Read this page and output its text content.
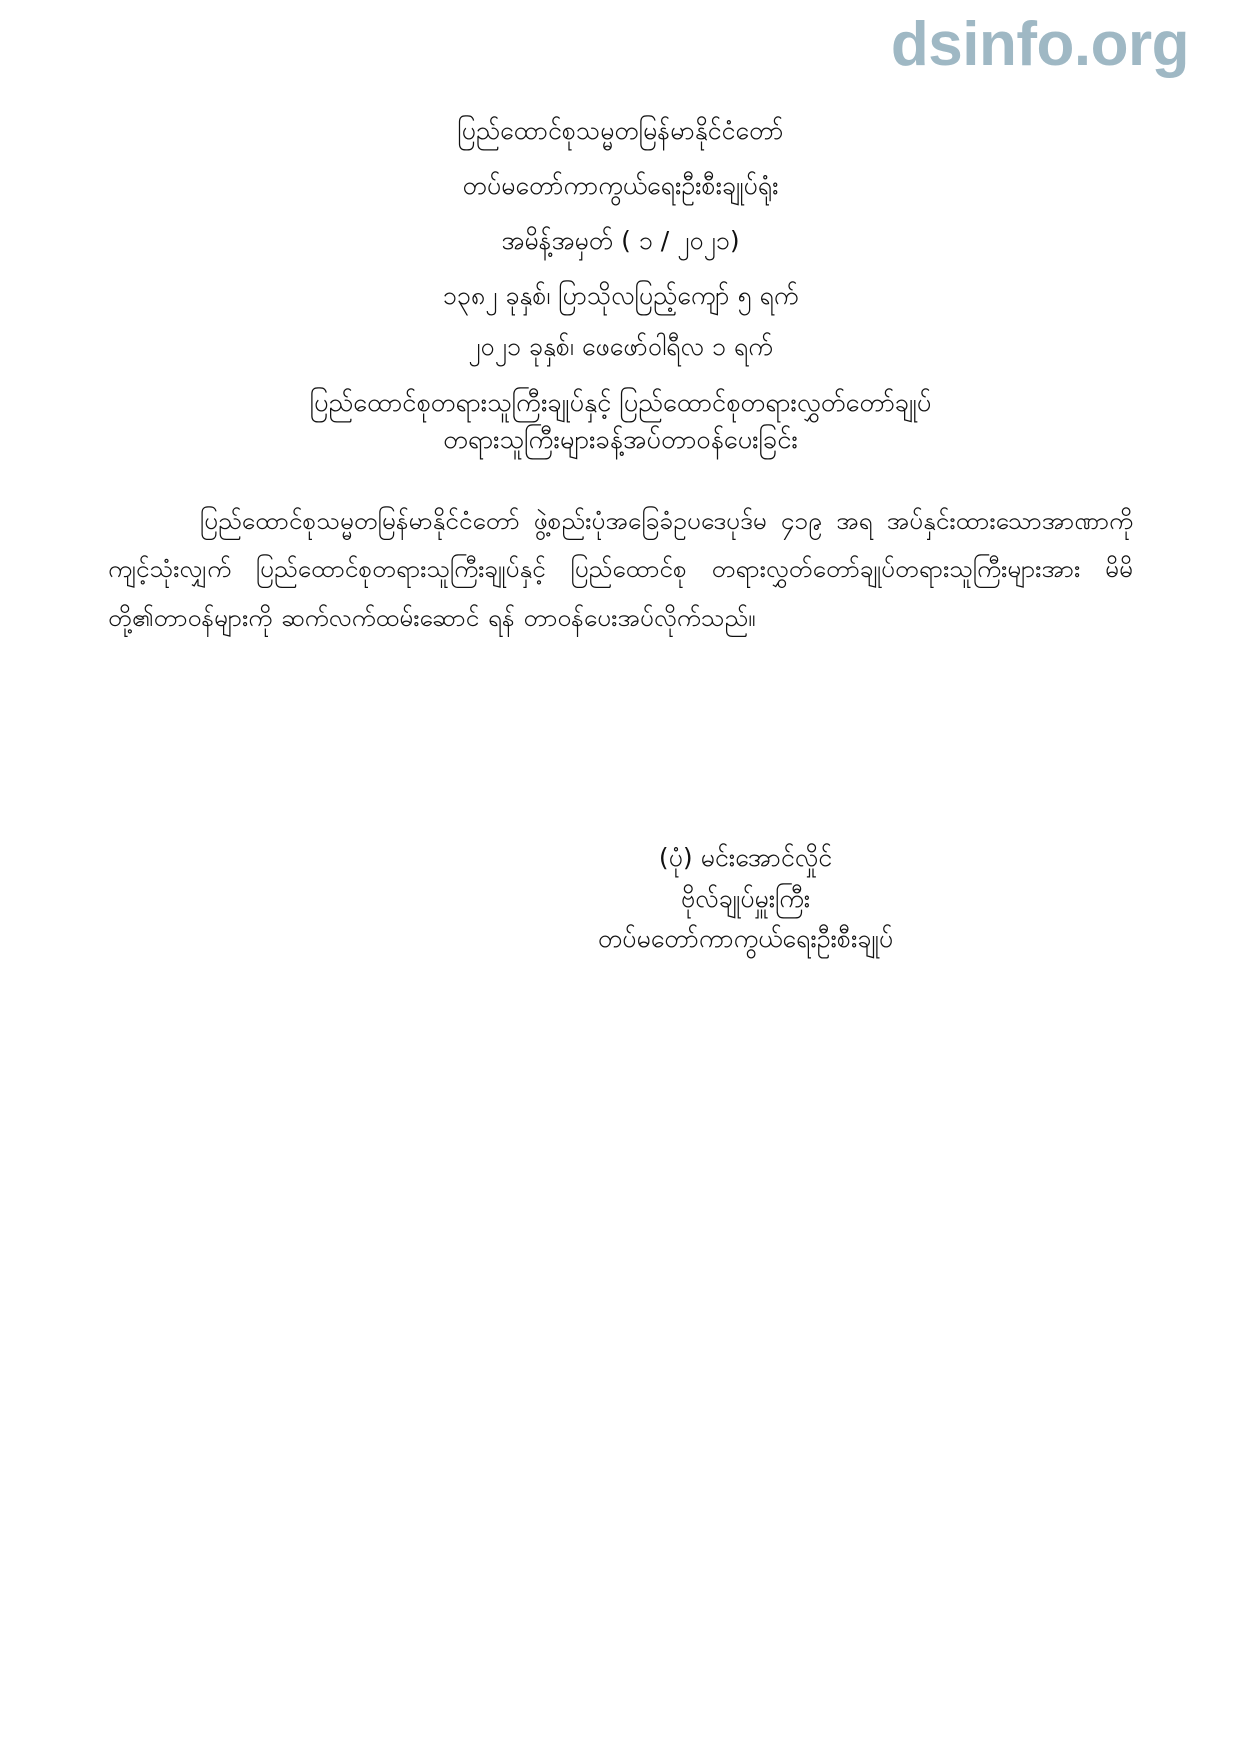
dsinfo.org
ပြည်ထောင်စုသမ္မတမြန်မာနိုင်ငံတော်
တပ်မတော်ကာကွယ်ရေးဦးစီးချုပ်ရုံး
အမိန့်အမှတ် ( ၁ / ၂၀၂၁)
၁၃၈၂ ခုနှစ်၊ ပြာသိုလပြည့်ကျော် ၅ ရက်
၂၀၂၁ ခုနှစ်၊ ဖေဖော်ဝါရီလ ၁ ရက်
ပြည်ထောင်စုတရားသူကြီးချုပ်နှင့် ပြည်ထောင်စုတရားလွှတ်တော်ချုပ်
တရားသူကြီးများခန့်အပ်တာဝန်ပေးခြင်း
ပြည်ထောင်စုသမ္မတမြန်မာနိုင်ငံတော် ဖွဲ့စည်းပုံအခြေခံဥပဒေပုဒ်မ ၄၁၉ အရ အပ်နှင်းထားသောအာဏာကိုကျင့်သုံးလျှက် ပြည်ထောင်စုတရားသူကြီးချုပ်နှင့် ပြည်ထောင်စု တရားလွှတ်တော်ချုပ်တရားသူကြီးများအား မိမိတို့၏တာဝန်များကို ဆက်လက်ထမ်းဆောင် ရန် တာဝန်ပေးအပ်လိုက်သည်။
(ပုံ) မင်းအောင်လှိုင်
ဗိုလ်ချုပ်မှူးကြီး
တပ်မတော်ကာကွယ်ရေးဦးစီးချုပ်
